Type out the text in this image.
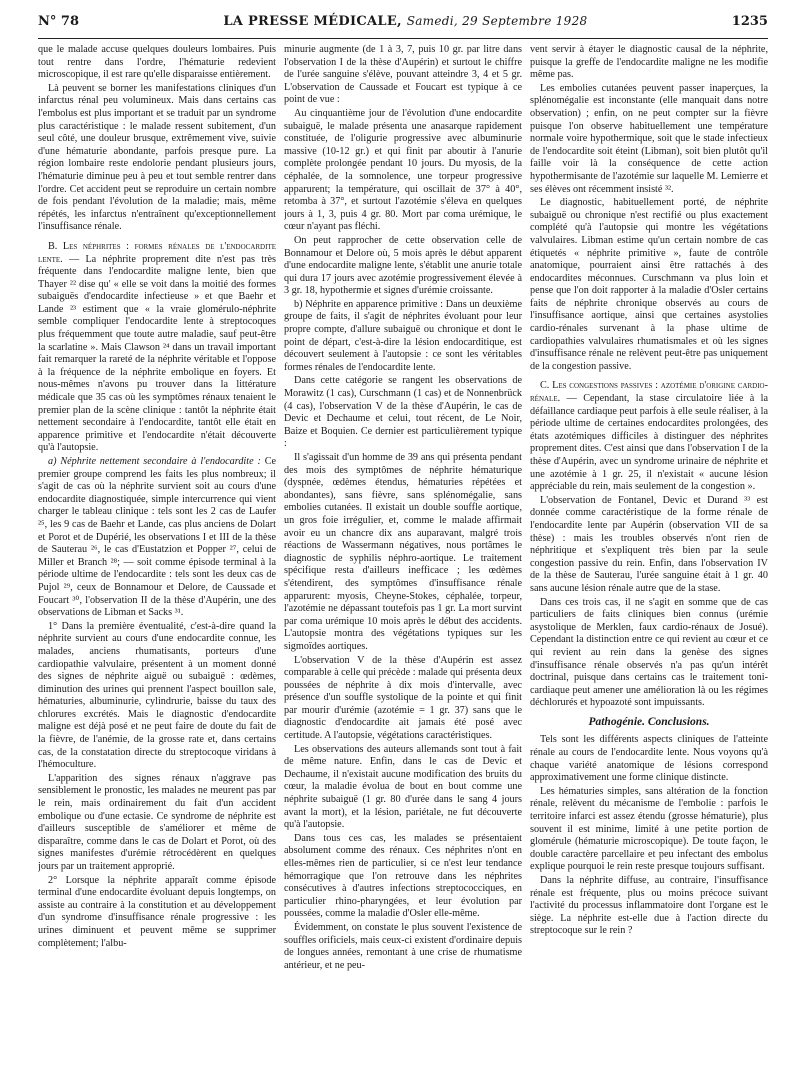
N° 78	LA PRESSE MÉDICALE, Samedi, 29 Septembre 1928	1235

que le malade accuse quelques douleurs lombaires. Puis tout rentre dans l'ordre, l'hématurie redevient microscopique, il est rare qu'elle disparaisse entièrement.

Là peuvent se borner les manifestations cliniques d'un infarctus rénal peu volumineux. Mais dans certains cas l'embolus est plus important et se traduit par un syndrome plus caractéristique : le malade ressent subitement, d'un seul côté, une douleur brusque, extrêmement vive, suivie d'une hématurie abondante, parfois presque pure. La région lombaire reste endolorie pendant plusieurs jours, l'hématurie diminue peu à peu et tout semble rentrer dans l'ordre. Cet accident peut se reproduire un certain nombre de fois pendant l'évolution de la maladie; mais, même répétés, les infarctus n'entraînent qu'exceptionnellement l'insuffisance rénale.

B. Les néphrites : formes rénales de l'endocardite lente. — La néphrite proprement dite n'est pas très fréquente dans l'endocardite maligne lente, bien que Thayer ²² dise qu' « elle se voit dans la moitié des formes subaiguës d'endocardite infectieuse » et que Baehr et Lande ²³ estiment que « la vraie glomérulo-néphrite semble compliquer l'endocardite lente à streptocoques plus fréquemment que toute autre maladie, sauf peut-être la scarlatine ». Mais Clawson ²⁴ dans un travail important fait remarquer la rareté de la néphrite véritable et l'oppose à la fréquence de la néphrite embolique en foyers. Et nous-mêmes n'avons pu trouver dans la littérature médicale que 35 cas où les symptômes rénaux tenaient le premier plan de la scène clinique : tantôt la néphrite était nettement secondaire à l'endocardite, tantôt elle était en apparence primitive et l'endocardite n'était découverte qu'à l'autopsie.

a) Néphrite nettement secondaire à l'endocardite : Ce premier groupe comprend les faits les plus nombreux; il s'agit de cas où la néphrite survient soit au cours d'une endocardite diagnostiquée, simple intercurrence qui vient charger le tableau clinique : tels sont les 2 cas de Laufer ²⁵, les 9 cas de Baehr et Lande, cas plus anciens de Dolart et Porot et de Dupérié, les observations I et III de la thèse de Sauterau ²⁶, le cas d'Eustatzion et Popper ²⁷, celui de Miller et Branch ²⁸; — soit comme épisode terminal à la période ultime de l'endocardite : tels sont les deux cas de Pujol ²⁹, ceux de Bonnamour et Delore, de Caussade et Foucart ³⁰, l'observation II de la thèse d'Aupérin, une des observations de Libman et Sacks ³¹.

1° Dans la première éventualité, c'est-à-dire quand la néphrite survient au cours d'une endocardite connue, les malades, anciens rhumatisants, porteurs d'une cardiopathie valvulaire, présentent à un moment donné des signes de néphrite aiguë ou subaiguë : œdèmes, diminution des urines qui prennent l'aspect bouillon sale, hématuries, albuminurie, cylindrurie, baisse du taux des chlorures excrétés. Mais le diagnostic d'endocardite maligne est déjà posé et ne peut faire de doute du fait de la fièvre, de l'anémie, de la grosse rate et, dans certains cas, de la constatation directe du streptocoque viridans à l'hémoculture.

L'apparition des signes rénaux n'aggrave pas sensiblement le pronostic, les malades ne meurent pas par le rein, mais ordinairement du fait d'un accident embolique ou d'une ectasie. Ce syndrome de néphrite est d'ailleurs susceptible de s'améliorer et même de disparaître, comme dans le cas de Dolart et Porot, où des signes manifestes d'urémie rétrocédèrent en quelques jours par un traitement approprié.

2° Lorsque la néphrite apparaît comme épisode terminal d'une endocardite évoluant depuis longtemps, on assiste au contraire à la constitution et au développement d'un syndrome d'insuffisance rénale progressive : les urines diminuent et peuvent même se supprimer complètement; l'albu-

minurie augmente (de 1 à 3, 7, puis 10 gr. par litre dans l'observation I de la thèse d'Aupérin) et surtout le chiffre de l'urée sanguine s'élève, pouvant atteindre 3, 4 et 5 gr. L'observation de Caussade et Foucart est typique à ce point de vue :

Au cinquantième jour de l'évolution d'une endocardite subaiguë, le malade présenta une anasarque rapidement constituée, de l'oligurie progressive avec albuminurie massive (10-12 gr.) et qui finit par aboutir à l'anurie complète prolongée pendant 10 jours. Du myosis, de la céphalée, de la somnolence, une torpeur progressive apparurent; la température, qui oscillait de 37° à 40°, retomba à 37°, et surtout l'azotémie s'éleva en quelques jours à 1, 3, puis 4 gr. 80. Mort par coma urémique, le cœur n'ayant pas fléchi.

On peut rapprocher de cette observation celle de Bonnamour et Delore où, 5 mois après le début apparent d'une endocardite maligne lente, s'établit une anurie totale qui dura 17 jours avec azotémie progressivement élevée à 3 gr. 18, hypothermie et signes d'urémie croissante.

b) Néphrite en apparence primitive : Dans un deuxième groupe de faits, il s'agit de néphrites évoluant pour leur propre compte, d'allure subaiguë ou chronique et dont le point de départ, c'est-à-dire la lésion endocarditique, est découvert seulement à l'autopsie : ce sont les véritables formes rénales de l'endocardite lente.

Dans cette catégorie se rangent les observations de Morawitz (1 cas), Curschmann (1 cas) et de Nonnenbrück (4 cas), l'observation V de la thèse d'Aupérin, le cas de Devic et Dechaume et celui, tout récent, de Le Noir, Baize et Boquien. Ce dernier est particulièrement typique :

Il s'agissait d'un homme de 39 ans qui présenta pendant des mois des symptômes de néphrite hématurique (dyspnée, œdèmes étendus, hématuries répétées et abondantes), sans fièvre, sans splénomégalie, sans embolies cutanées. Il existait un double souffle aortique, un gros foie irrégulier, et, comme le malade affirmait avoir eu un chancre dix ans auparavant, malgré trois réactions de Wassermann négatives, nous portâmes le diagnostic de syphilis néphro-aortique. Le traitement spécifique resta d'ailleurs inefficace ; les œdèmes s'étendirent, des symptômes d'insuffisance rénale apparurent: myosis, Cheyne-Stokes, céphalée, torpeur, l'azotémie ne dépassant toutefois pas 1 gr. La mort survint par coma urémique 10 mois après le début des accidents. L'autopsie montra des végétations typiques sur les sigmoïdes aortiques.

L'observation V de la thèse d'Aupérin est assez comparable à celle qui précède : malade qui présenta deux poussées de néphrite à dix mois d'intervalle, avec présence d'un souffle systolique de la pointe et qui finit par mourir d'urémie (azotémie = 1 gr. 37) sans que le diagnostic d'endocardite ait jamais été posé avec certitude. A l'autopsie, végétations caractéristiques.

Les observations des auteurs allemands sont tout à fait de même nature. Enfin, dans le cas de Devic et Dechaume, il n'existait aucune modification des bruits du cœur, la maladie évolua de bout en bout comme une néphrite subaiguë (1 gr. 80 d'urée dans le sang 4 jours avant la mort), et la lésion, pariétale, ne fut découverte qu'à l'autopsie.

Dans tous ces cas, les malades se présentaient absolument comme des rénaux. Ces néphrites n'ont en elles-mêmes rien de particulier, si ce n'est leur tendance hémorragique que l'on retrouve dans les néphrites consécutives à d'autres infections streptococciques, en particulier rhino-pharyngées, et leur évolution par poussées, comme la maladie d'Osler elle-même.

Évidemment, on constate le plus souvent l'existence de souffles orificiels, mais ceux-ci existent d'ordinaire depuis de longues années, remontant à une crise de rhumatisme antérieur, et ne peu-

vent servir à étayer le diagnostic causal de la néphrite, puisque la greffe de l'endocardite maligne ne les modifie même pas.

Les embolies cutanées peuvent passer inaperçues, la splénomégalie est inconstante (elle manquait dans notre observation) ; enfin, on ne peut compter sur la fièvre puisque l'on observe habituellement une température normale voire hypothermique, soit que le stade infectieux de l'endocardite soit éteint (Libman), soit bien plutôt qu'il faille voir là la conséquence de cette action hypothermisante de l'azotémie sur laquelle M. Lemierre et ses élèves ont récemment insisté ³².

Le diagnostic, habituellement porté, de néphrite subaiguë ou chronique n'est rectifié ou plus exactement complété qu'à l'autopsie qui montre les végétations valvulaires. Libman estime qu'un certain nombre de cas étiquetés « néphrite primitive », faute de contrôle anatomique, pourraient ainsi être rattachés à des endocardites méconnues. Curschmann va plus loin et pense que l'on doit rapporter à la maladie d'Osler certains faits de néphrite chronique observés au cours de l'insuffisance aortique, ainsi que certaines asystolies cardio-rénales survenant à la phase ultime de cardiopathies valvulaires rhumatismales et où les signes d'insuffisance rénale ne relèvent peut-être pas uniquement de la congestion passive.

C. Les congestions passives : azotémie d'origine cardio-rénale. — Cependant, la stase circulatoire liée à la défaillance cardiaque peut parfois à elle seule réaliser, à la période ultime de certaines endocardites prolongées, des états azotémiques difficiles à distinguer des néphrites proprement dites. C'est ainsi que dans l'observation I de la thèse d'Aupérin, avec un syndrome urinaire de néphrite et une azotémie à 1 gr. 25, il n'existait « aucune lésion appréciable du rein, mais seulement de la congestion ».

L'observation de Fontanel, Devic et Durand ³³ est donnée comme caractéristique de la forme rénale de l'endocardite lente par Aupérin (observation VII de sa thèse) : mais les troubles observés n'ont rien de néphritique et s'expliquent très bien par la seule congestion passive du rein. Enfin, dans l'observation IV de la thèse de Sauterau, l'urée sanguine était à 1 gr. 40 sans aucune lésion rénale autre que de la stase.

Dans ces trois cas, il ne s'agit en somme que de cas particuliers de faits cliniques bien connus (urémie asystolique de Merklen, faux cardio-rénaux de Josué). Cependant la distinction entre ce qui revient au cœur et ce qui revient au rein dans la genèse des signes d'insuffisance rénale observés n'a pas qu'un intérêt doctrinal, puisque dans certains cas le traitement toni-cardiaque peut amener une amélioration là ou les régimes déchlorurés et hypoazoté sont impuissants.

Pathogénie. Conclusions.

Tels sont les différents aspects cliniques de l'atteinte rénale au cours de l'endocardite lente. Nous voyons qu'à chaque variété anatomique de lésions correspond approximativement une forme clinique distincte.

Les hématuries simples, sans altération de la fonction rénale, relèvent du mécanisme de l'embolie : parfois le territoire infarci est assez étendu (grosse hématurie), plus souvent il est minime, limité à une petite portion de glomérule (hématurie microscopique). De toute façon, le double caractère parcellaire et peu infectant des embolus explique pourquoi le rein reste presque toujours suffisant.

Dans la néphrite diffuse, au contraire, l'insuffisance rénale est fréquente, plus ou moins précoce suivant l'activité du processus inflammatoire dont l'organe est le siège. La néphrite est-elle due à l'action directe du streptocoque sur le rein ?
